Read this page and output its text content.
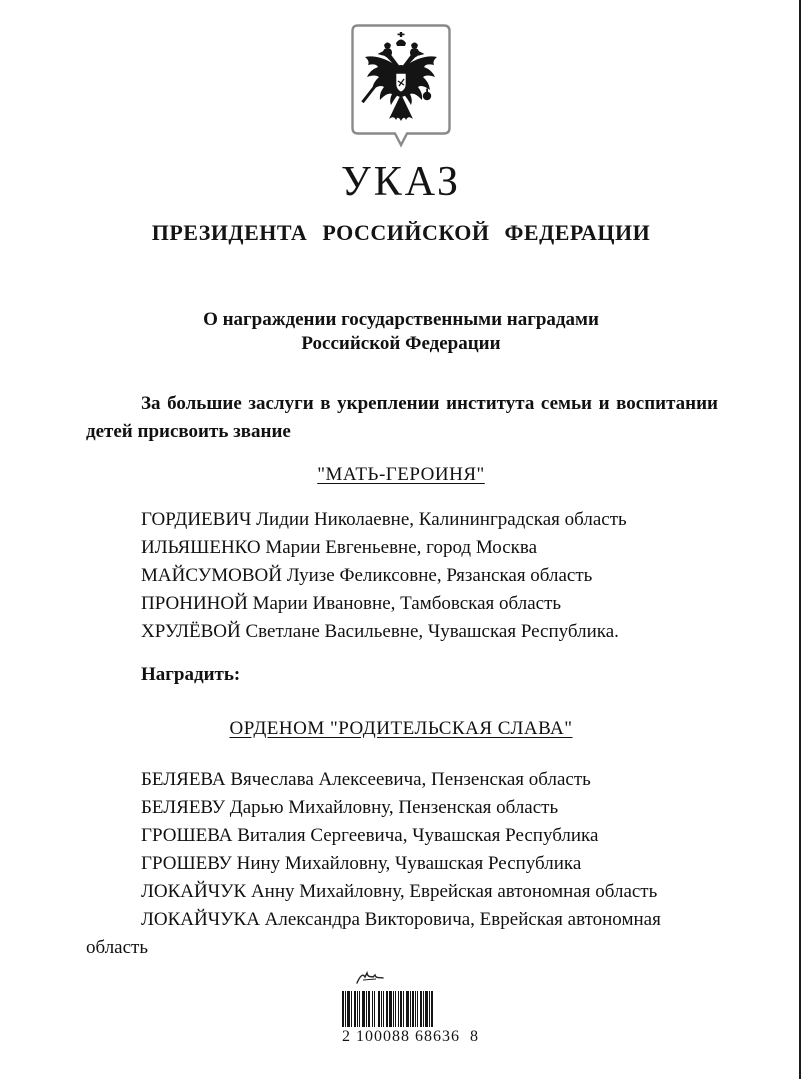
УКАЗ
ПРЕЗИДЕНТА РОССИЙСКОЙ ФЕДЕРАЦИИ
О награждении государственными наградами
Российской Федерации
За большие заслуги в укреплении института семьи и воспитании детей присвоить звание
"МАТЬ-ГЕРОИНЯ"

ГОРДИЕВИЧ Лидии Николаевне, Калининградская область

ИЛЬЯШЕНКО Марии Евгеньевне, город Москва

МАЙСУМОВОЙ Луизе Феликсовне, Рязанская область

ПРОНИНОЙ Марии Ивановне, Тамбовская область

ХРУЛЁВОЙ Светлане Васильевне, Чувашская Республика.

Наградить:
ОРДЕНОМ "РОДИТЕЛЬСКАЯ СЛАВА"

БЕЛЯЕВА Вячеслава Алексеевича, Пензенская область

БЕЛЯЕВУ Дарью Михайловну, Пензенская область

ГРОШЕВА Виталия Сергеевича, Чувашская Республика

ГРОШЕВУ Нину Михайловну, Чувашская Республика

ЛОКАЙЧУК Анну Михайловну, Еврейская автономная область

ЛОКАЙЧУКА Александра Викторовича, Еврейская автономная область

2 100088 68636  8
